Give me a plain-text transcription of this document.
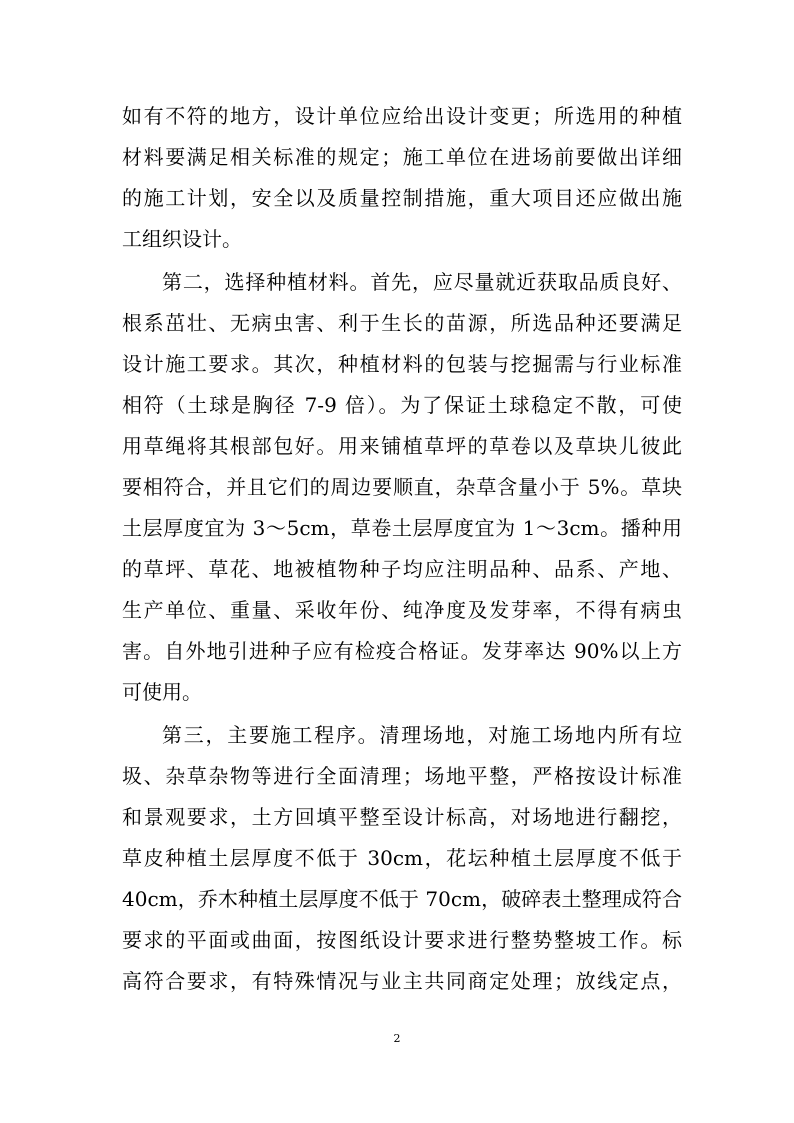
如有不符的地方，设计单位应给出设计变更；所选用的种植
材料要满足相关标准的规定；施工单位在进场前要做出详细
的施工计划，安全以及质量控制措施，重大项目还应做出施
工组织设计。
第二，选择种植材料。首先，应尽量就近获取品质良好、
根系茁壮、无病虫害、利于生长的苗源，所选品种还要满足
设计施工要求。其次，种植材料的包装与挖掘需与行业标准
相符（土球是胸径 7-9 倍）。为了保证土球稳定不散，可使
用草绳将其根部包好。用来铺植草坪的草卷以及草块儿彼此
要相符合，并且它们的周边要顺直，杂草含量小于 5%。草块
土层厚度宜为 3～5cm，草卷土层厚度宜为 1～3cm。播种用
的草坪、草花、地被植物种子均应注明品种、品系、产地、
生产单位、重量、采收年份、纯净度及发芽率，不得有病虫
害。自外地引进种子应有检疫合格证。发芽率达 90%以上方
可使用。
第三，主要施工程序。清理场地，对施工场地内所有垃
圾、杂草杂物等进行全面清理；场地平整，严格按设计标准
和景观要求，土方回填平整至设计标高，对场地进行翻挖，
草皮种植土层厚度不低于 30cm，花坛种植土层厚度不低于
40cm，乔木种植土层厚度不低于 70cm，破碎表土整理成符合
要求的平面或曲面，按图纸设计要求进行整势整坡工作。标
高符合要求，有特殊情况与业主共同商定处理；放线定点，
2
